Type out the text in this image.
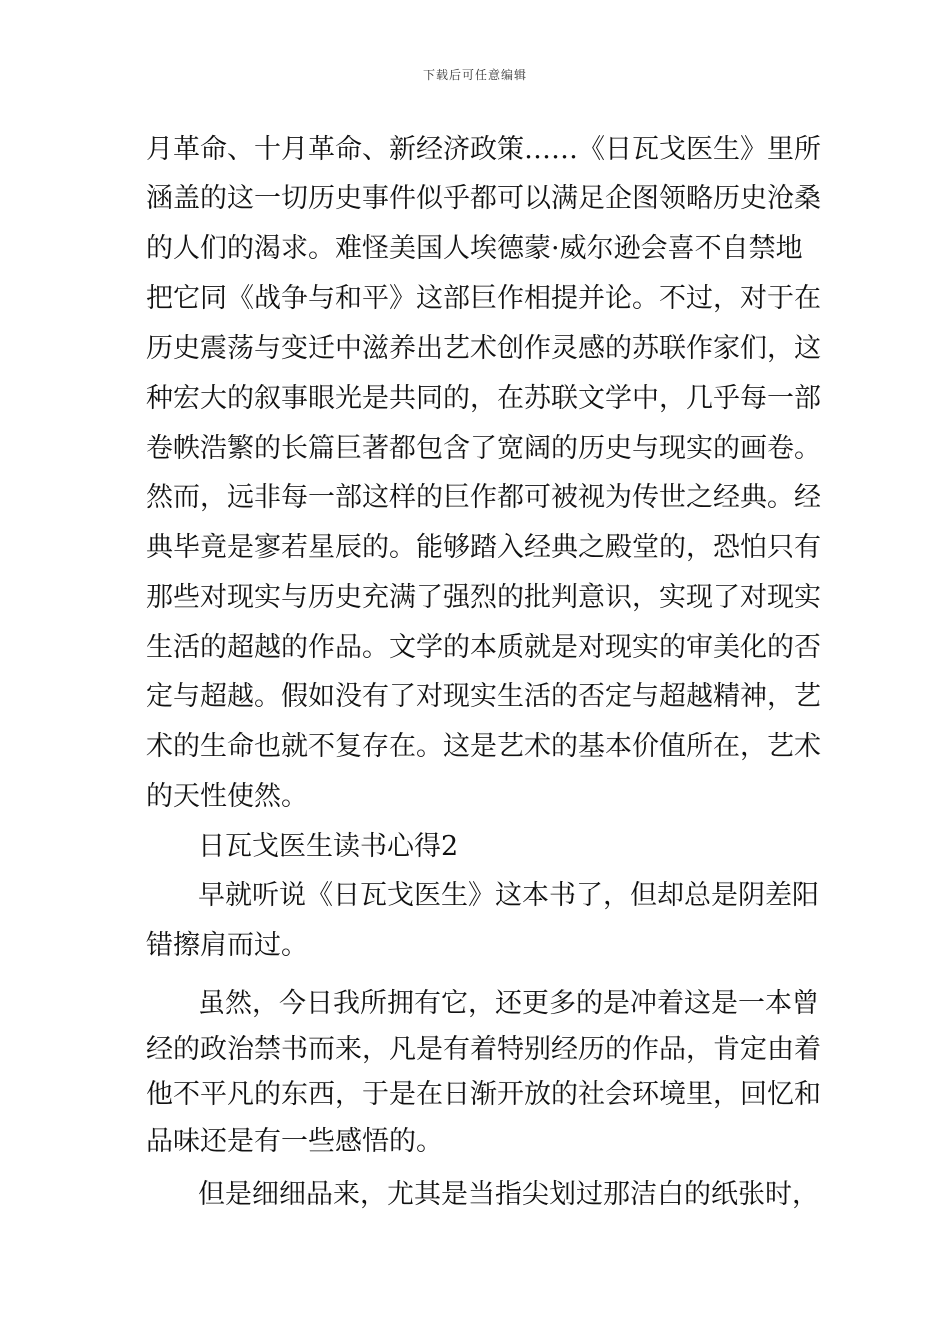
下载后可任意编辑
月革命、十月革命、新经济政策……《日瓦戈医生》里所
涵盖的这一切历史事件似乎都可以满足企图领略历史沧桑
的人们的渴求。难怪美国人埃德蒙·威尔逊会喜不自禁地
把它同《战争与和平》这部巨作相提并论。不过，对于在
历史震荡与变迁中滋养出艺术创作灵感的苏联作家们，这
种宏大的叙事眼光是共同的，在苏联文学中，几乎每一部
卷帙浩繁的长篇巨著都包含了宽阔的历史与现实的画卷。
然而，远非每一部这样的巨作都可被视为传世之经典。经
典毕竟是寥若星辰的。能够踏入经典之殿堂的，恐怕只有
那些对现实与历史充满了强烈的批判意识，实现了对现实
生活的超越的作品。文学的本质就是对现实的审美化的否
定与超越。假如没有了对现实生活的否定与超越精神，艺
术的生命也就不复存在。这是艺术的基本价值所在，艺术
的天性使然。
日瓦戈医生读书心得2
早就听说《日瓦戈医生》这本书了，但却总是阴差阳
错擦肩而过。
虽然，今日我所拥有它，还更多的是冲着这是一本曾
经的政治禁书而来，凡是有着特别经历的作品，肯定由着
他不平凡的东西，于是在日渐开放的社会环境里，回忆和
品味还是有一些感悟的。
但是细细品来，尤其是当指尖划过那洁白的纸张时，
